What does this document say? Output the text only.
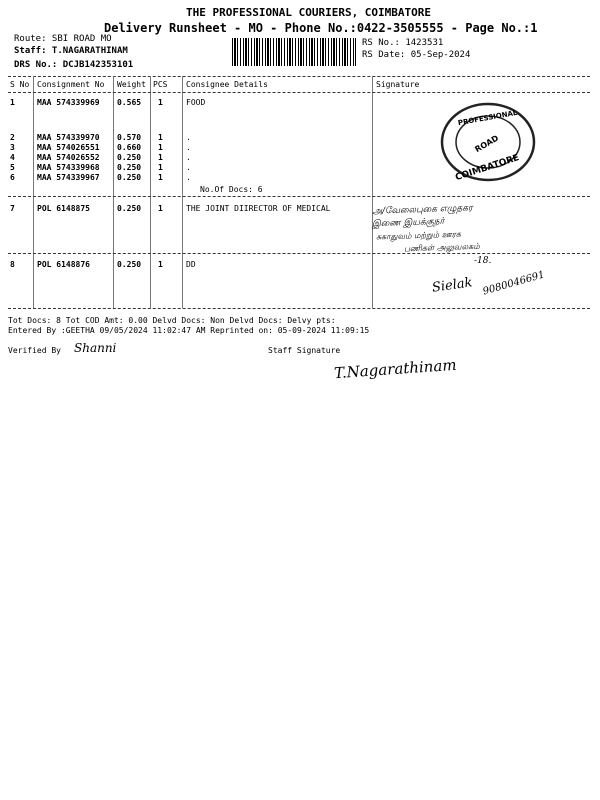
THE PROFESSIONAL COURIERS, COIMBATORE
Delivery Runsheet - MO - Phone No.:0422-3505555 - Page No.:1
Route: SBI ROAD MO
Staff: T.NAGARATHINAM
DRS No.: DCJB142353101
RS No.: 1423531
RS Date: 05-Sep-2024
S No Consignment No Weight PCS Consignee Details	Signature
1	MAA 574339969 0.565 1	FOOD
2	MAA 574339970 0.570 1	.
3	MAA 574026551 0.660 1	.
4	MAA 574026552 0.250 1	.
5	MAA 574339968 0.250 1	.
6	MAA 574339967 0.250 1	.
No.Of Docs: 6
7	POL 6148875	0.250 1	THE JOINT DIIRECTOR OF MEDICAL
8	POL 6148876	0.250 1	DD
COIMBATORE
PROFESSIONAL
ROAD
அ/வேலைபுகை எழுதகர
இணை இயக்குநர்
சுகாதுவம் மற்றும் ஊரக
பணிகள் அலுவலகம்
-18.
Sielak 9080046691
Tot Docs: 8 Tot COD Amt: 0.00 Delvd Docs: Non Delvd Docs: Delvy pts:
Entered By :GEETHA 09/05/2024 11:02:47 AM Reprinted on: 05-09-2024 11:09:15
Verified By Shanni	Staff Signature
T.Nagarathinam
